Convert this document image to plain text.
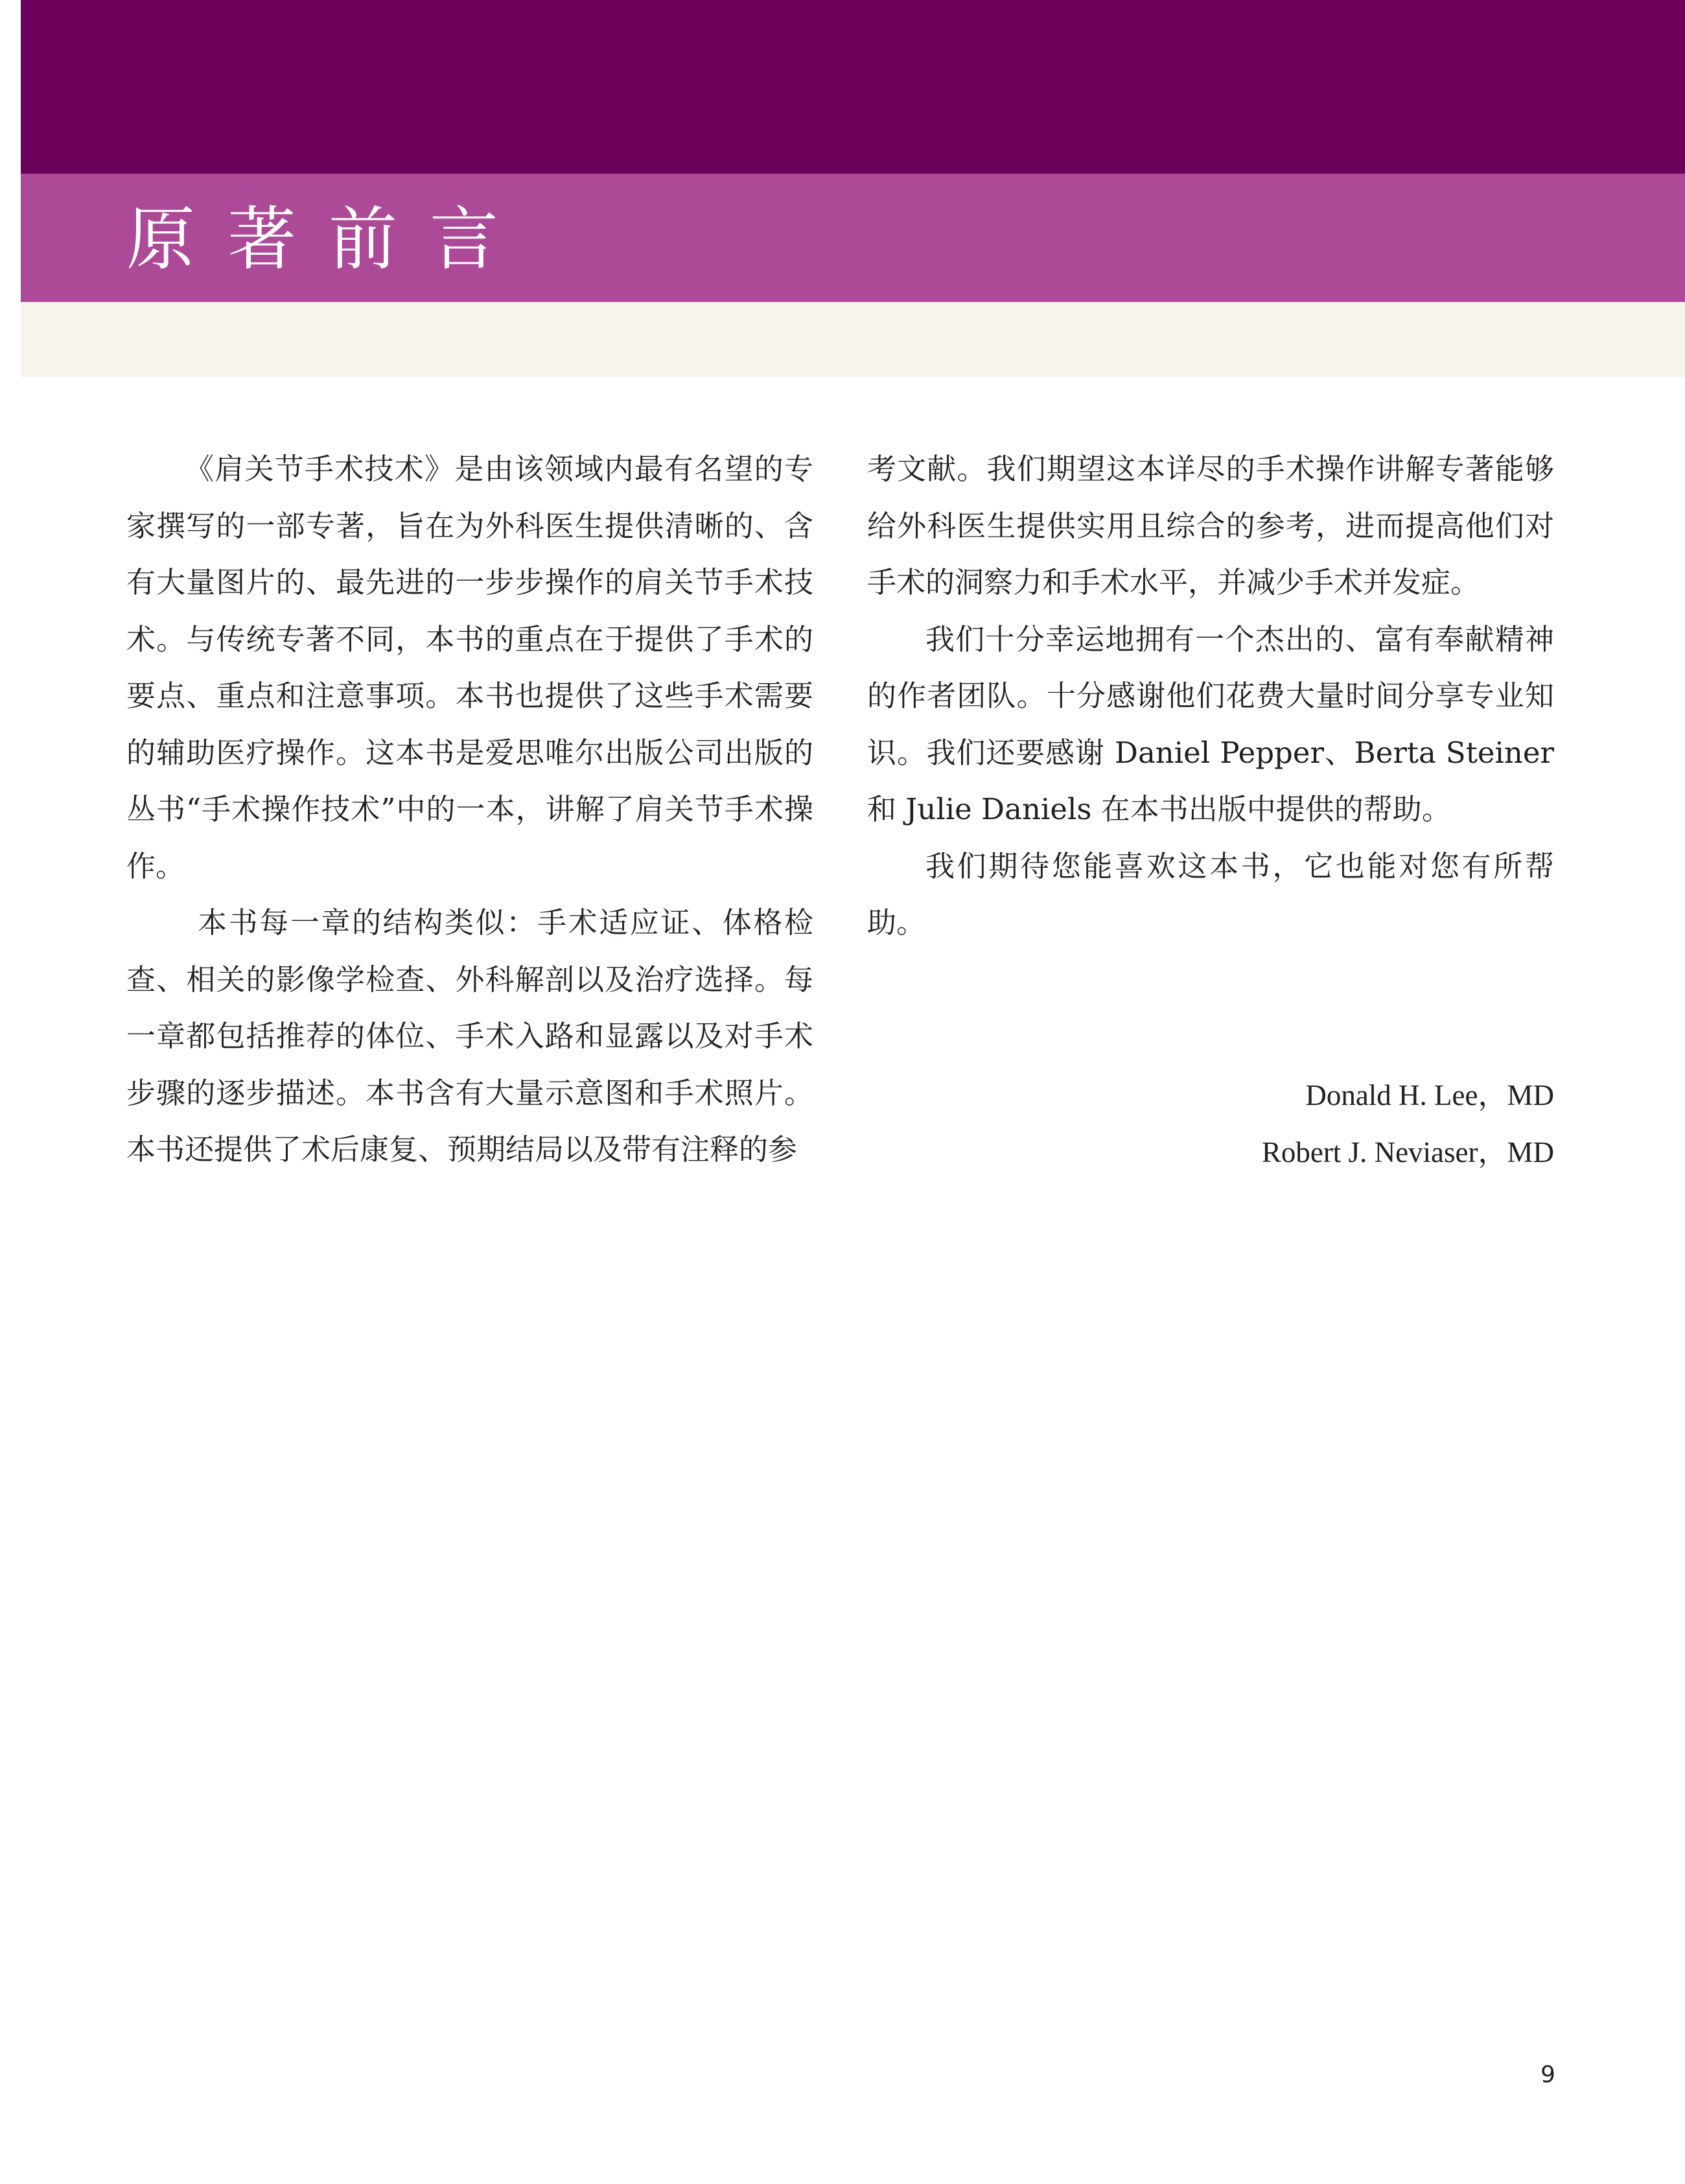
原著前言

《肩关节手术技术》是由该领域内最有名望的专家撰写的一部专著，旨在为外科医生提供清晰的、含有大量图片的、最先进的一步步操作的肩关节手术技术。与传统专著不同，本书的重点在于提供了手术的要点、重点和注意事项。本书也提供了这些手术需要的辅助医疗操作。这本书是爱思唯尔出版公司出版的丛书“手术操作技术”中的一本，讲解了肩关节手术操作。

本书每一章的结构类似：手术适应证、体格检查、相关的影像学检查、外科解剖以及治疗选择。每一章都包括推荐的体位、手术入路和显露以及对手术步骤的逐步描述。本书含有大量示意图和手术照片。本书还提供了术后康复、预期结局以及带有注释的参

考文献。我们期望这本详尽的手术操作讲解专著能够给外科医生提供实用且综合的参考，进而提高他们对手术的洞察力和手术水平，并减少手术并发症。

我们十分幸运地拥有一个杰出的、富有奉献精神的作者团队。十分感谢他们花费大量时间分享专业知识。我们还要感谢 Daniel Pepper、Berta Steiner 和 Julie Daniels 在本书出版中提供的帮助。

我们期待您能喜欢这本书，它也能对您有所帮助。

Donald H. Lee，MD
Robert J. Neviaser，MD
9
